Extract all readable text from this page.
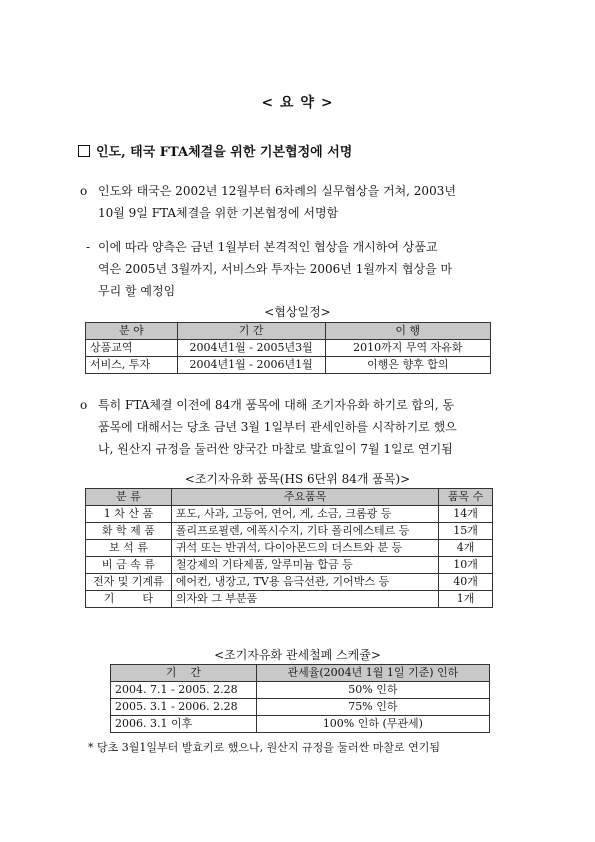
< 요 약 >
인도, 태국 FTA체결을 위한 기본협정에 서명
o 인도와 태국은 2002년 12월부터 6차례의 실무협상을 거쳐, 2003년
10월 9일 FTA체결을 위한 기본협정에 서명함
- 이에 따라 양측은 금년 1월부터 본격적인 협상을 개시하여 상품교
역은 2005년 3월까지, 서비스와 투자는 2006년 1월까지 협상을 마
무리 할 예정임
<협상일정>
분 야	기 간	이 행
상품교역	2004년1월 - 2005년3월	2010까지 무역 자유화
서비스, 투자	2004년1월 - 2006년1월	이행은 향후 합의
o 특히 FTA체결 이전에 84개 품목에 대해 조기자유화 하기로 합의, 동
품목에 대해서는 당초 금년 3월 1일부터 관세인하를 시작하기로 했으
나, 원산지 규정을 둘러싼 양국간 마찰로 발효일이 7월 1일로 연기됨
<조기자유화 품목(HS 6단위 84개 품목)>
분 류	주요품목	품목 수
1 차 산 품	포도, 사과, 고등어, 연어, 게, 소금, 크롬광 등	14개
화 학 제 품	폴리프로필렌, 에폭시수지, 기타 폴리에스테르 등	15개
보 석 류	귀석 또는 반귀석, 다이아몬드의 더스트와 분 등	4개
비 금 속 류	철강제의 기타제품, 알루미늄 합금 등	10개
전자 및 기계류	에어컨, 냉장고, TV용 음극선관, 기어박스 등	40개
기        타	의자와 그 부분품	1개
<조기자유화 관세철폐 스케쥴>
기    간	관세율(2004년 1월 1일 기준) 인하
2004. 7.1 - 2005. 2.28	50% 인하
2005. 3.1 - 2006. 2.28	75% 인하
2006. 3.1 이후	100% 인하 (무관세)
* 당초 3월1일부터 발효키로 했으나, 원산지 규정을 둘러싼 마찰로 연기됨
